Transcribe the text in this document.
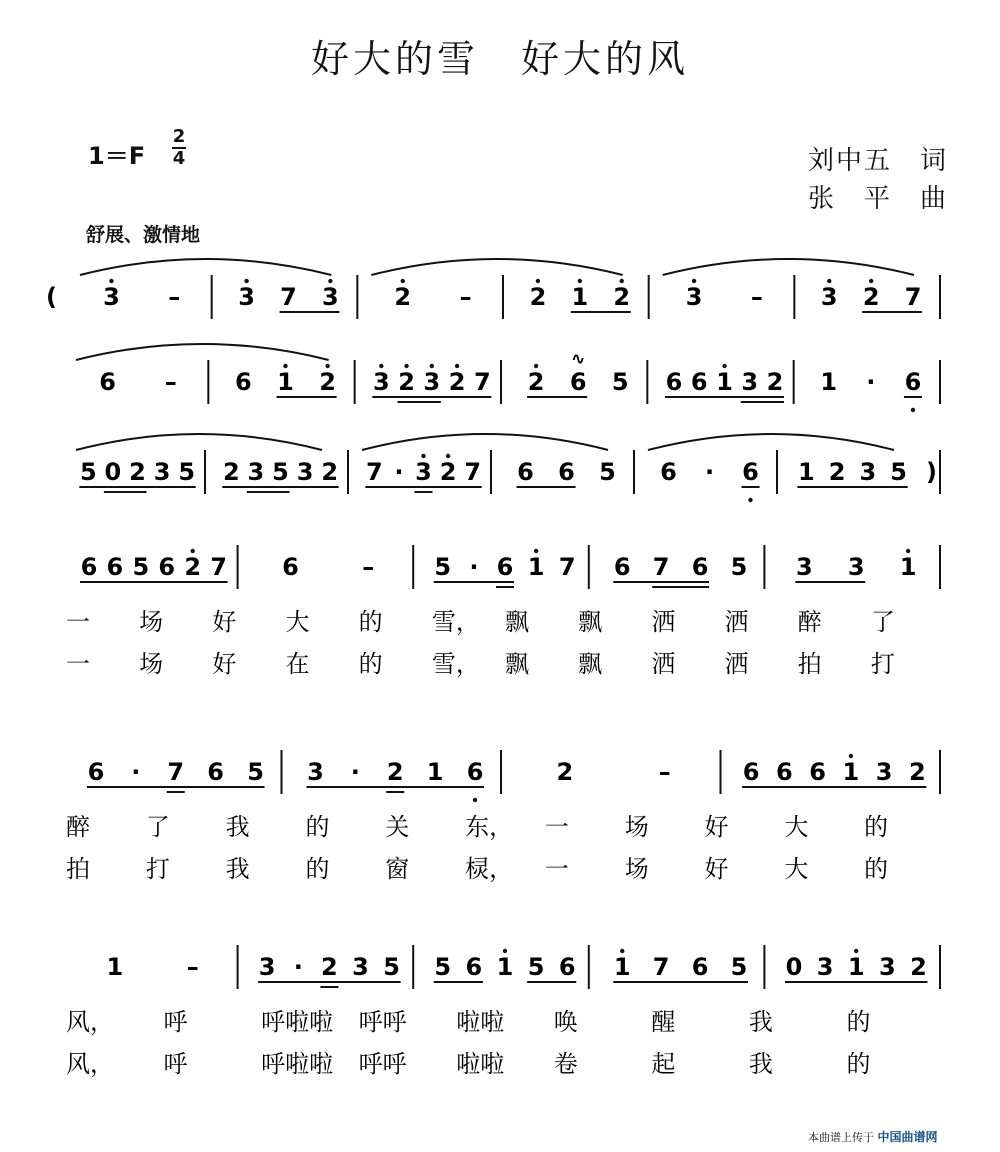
好大的雪　好大的风
1＝F
2
4	刘中五　词
张　平　曲
舒展、激情地
( 3 – 3 7 3 2 – 2 1 2 3 – 3 2 7
6 – 6 1 2 3 2 3 2 7 2 6
∿
5 6 6 1 3 2 1 · 6
5 0 2 3 5 2 3 5 3 2 7 · 3 2 7 6 6 5 6 · 6 1 2 3 5 )
6 6 5 6 2 7 6	–	5 · 6 1 7 6 7 6 5 3 3 1
一 场 好 大 的 雪， 飘 飘 洒 洒 醉 了
一 场 好 在 的 雪， 飘 飘 洒 洒 拍 打
6 · 7 6 5 3 · 2 1 6	2	–	6 6 6 1 3 2
醉 了 我 的 关 东， 一 场 好 大 的
拍 打 我 的 窗 棂， 一 场 好 大 的
1	–	3 · 2 3 5 5 6 1 5 6 1 7 6 5 0 3 1 3 2
风， 呼	呼啦啦 呼呼 啦啦 唤	醒	我	的
风， 呼	呼啦啦 呼呼 啦啦 卷	起	我	的
本曲谱上传于 中国曲谱网
